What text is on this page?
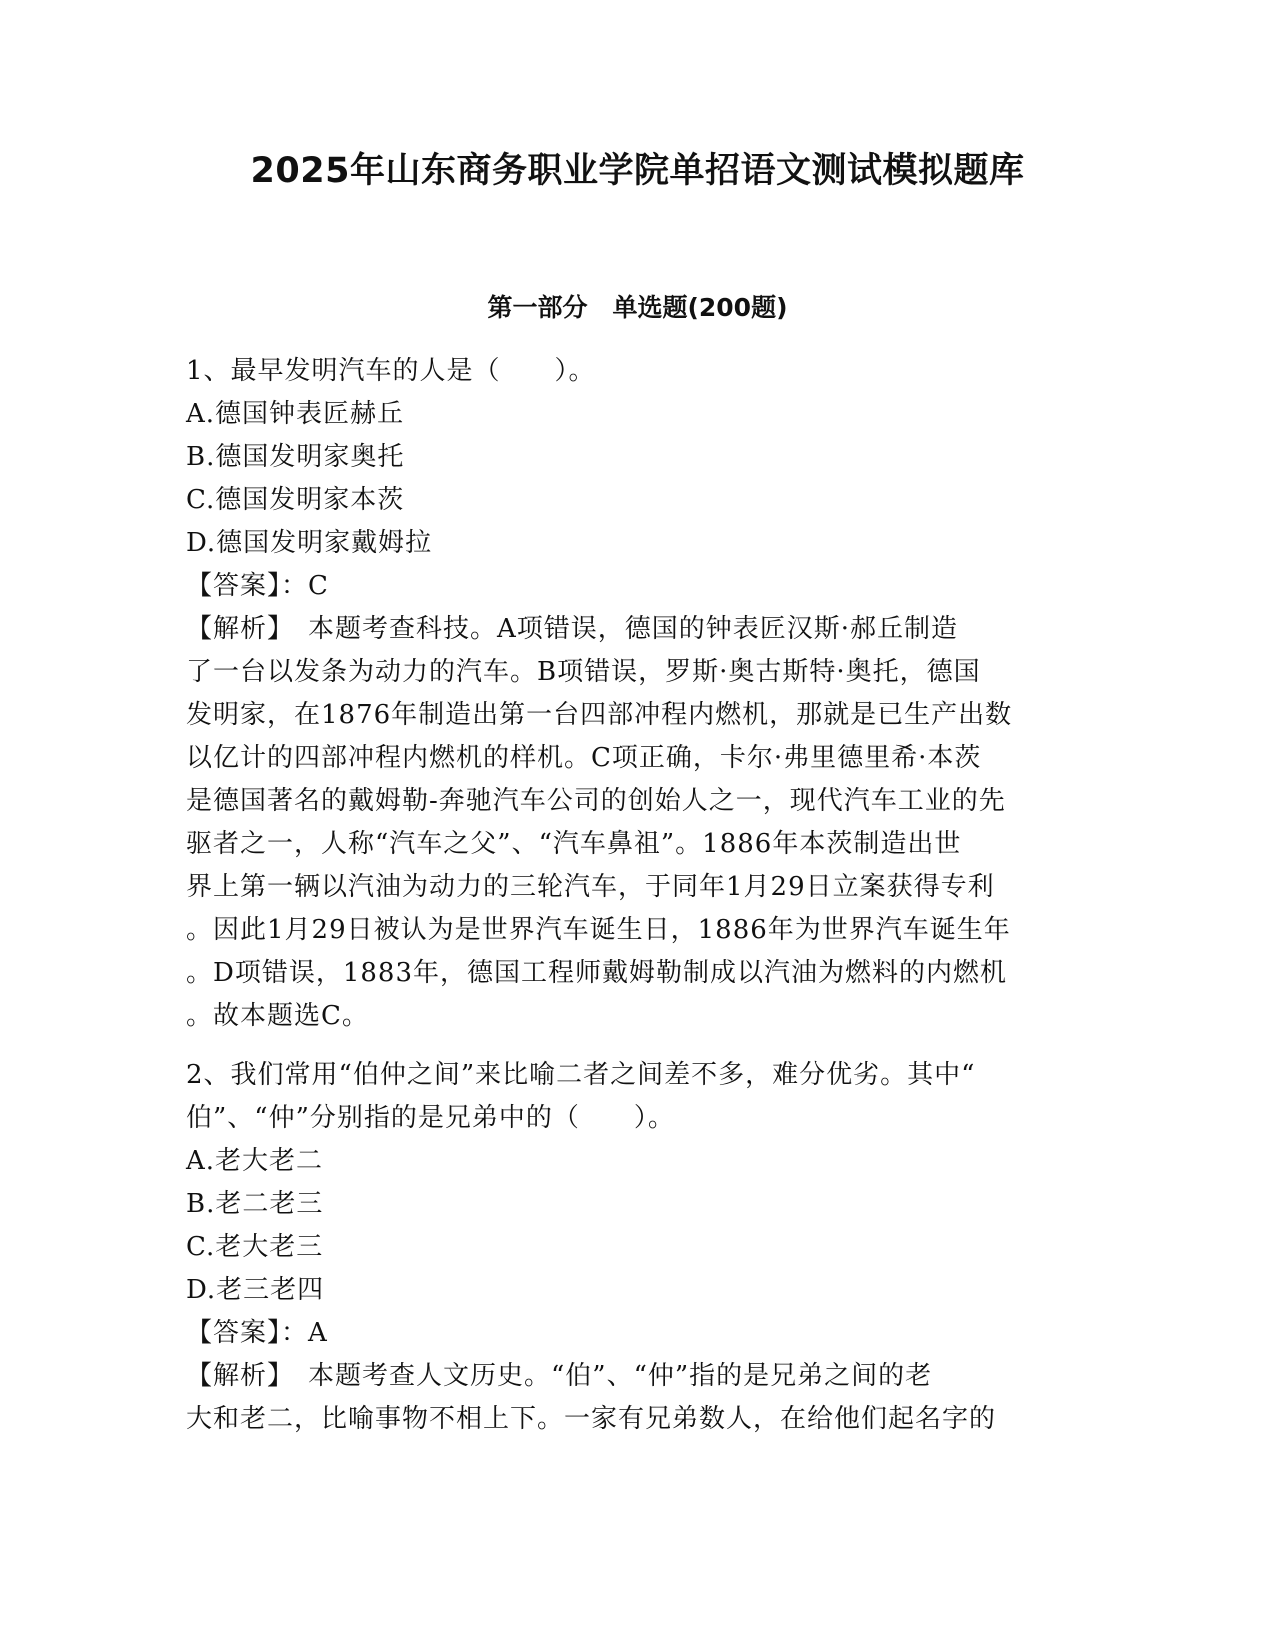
2025年山东商务职业学院单招语文测试模拟题库
第一部分　单选题(200题)
1、最早发明汽车的人是（　　）。
A.德国钟表匠赫丘
B.德国发明家奥托
C.德国发明家本茨
D.德国发明家戴姆拉
【答案】：C
【解析】　本题考查科技。A项错误，德国的钟表匠汉斯·郝丘制造
了一台以发条为动力的汽车。B项错误，罗斯·奥古斯特·奥托，德国
发明家，在1876年制造出第一台四部冲程内燃机，那就是已生产出数
以亿计的四部冲程内燃机的样机。C项正确，卡尔·弗里德里希·本茨
是德国著名的戴姆勒-奔驰汽车公司的创始人之一，现代汽车工业的先
驱者之一，人称“汽车之父”、“汽车鼻祖”。1886年本茨制造出世
界上第一辆以汽油为动力的三轮汽车，于同年1月29日立案获得专利
。因此1月29日被认为是世界汽车诞生日，1886年为世界汽车诞生年
。D项错误，1883年，德国工程师戴姆勒制成以汽油为燃料的内燃机
。故本题选C。
2、我们常用“伯仲之间”来比喻二者之间差不多，难分优劣。其中“
伯”、“仲”分别指的是兄弟中的（　　）。
A.老大老二
B.老二老三
C.老大老三
D.老三老四
【答案】：A
【解析】　本题考查人文历史。“伯”、“仲”指的是兄弟之间的老
大和老二，比喻事物不相上下。一家有兄弟数人，在给他们起名字的
